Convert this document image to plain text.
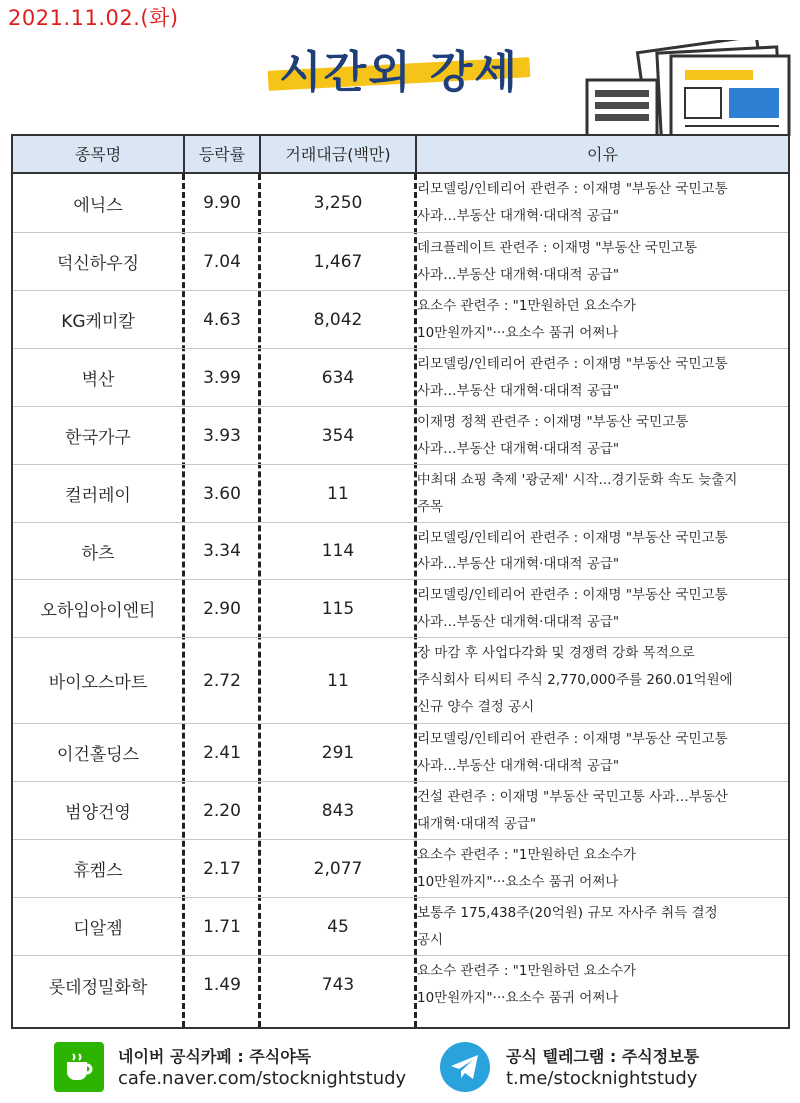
2021.11.02.(화)
시간외 강세
종목명	등락률	거래대금(백만)	이유
에닉스	9.90	3,250
리모델링/인테리어 관련주 : 이재명 "부동산 국민고통
사과…부동산 대개혁·대대적 공급"
덕신하우징	7.04	1,467
데크플레이트 관련주 : 이재명 "부동산 국민고통
사과…부동산 대개혁·대대적 공급"
KG케미칼	4.63	8,042
요소수 관련주 : "1만원하던 요소수가
10만원까지"···요소수 품귀 어쩌나
벽산	3.99	634
리모델링/인테리어 관련주 : 이재명 "부동산 국민고통
사과…부동산 대개혁·대대적 공급"
한국가구	3.93	354
이재명 정책 관련주 : 이재명 "부동산 국민고통
사과…부동산 대개혁·대대적 공급"
컬러레이	3.60	11
中최대 쇼핑 축제 '광군제' 시작...경기둔화 속도 늦출지
주목
하츠	3.34	114
리모델링/인테리어 관련주 : 이재명 "부동산 국민고통
사과…부동산 대개혁·대대적 공급"
오하임아이엔티	2.90	115
리모델링/인테리어 관련주 : 이재명 "부동산 국민고통
사과…부동산 대개혁·대대적 공급"
바이오스마트	2.72	11
장 마감 후 사업다각화 및 경쟁력 강화 목적으로
주식회사 티씨티 주식 2,770,000주를 260.01억원에
신규 양수 결정 공시
이건홀딩스	2.41	291
리모델링/인테리어 관련주 : 이재명 "부동산 국민고통
사과…부동산 대개혁·대대적 공급"
범양건영	2.20	843
건설 관련주 : 이재명 "부동산 국민고통 사과…부동산
대개혁·대대적 공급"
휴켐스	2.17	2,077
요소수 관련주 : "1만원하던 요소수가
10만원까지"···요소수 품귀 어쩌나
디알젬	1.71	45
보통주 175,438주(20억원) 규모 자사주 취득 결정
공시
롯데정밀화학	1.49	743
요소수 관련주 : "1만원하던 요소수가
10만원까지"···요소수 품귀 어쩌나
네이버 공식카페 : 주식야독
cafe.naver.com/stocknightstudy
공식 텔레그램 : 주식정보통
t.me/stocknightstudy
